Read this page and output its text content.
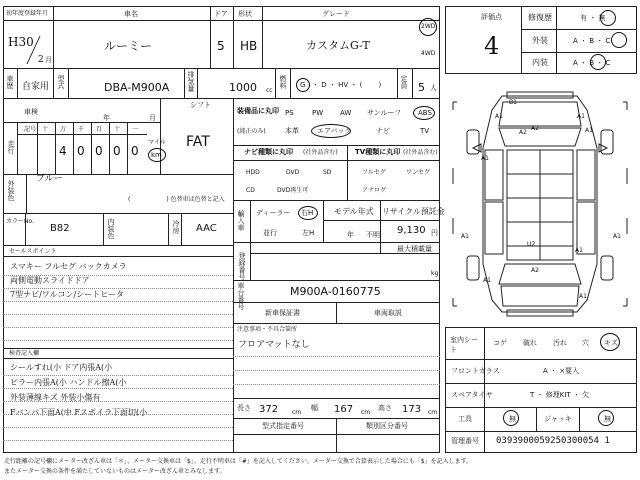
初年度登録年月
H30
2 月
車名
ルーミー
ドア
5
形状
HB
グレード
カスタムG-T
2WD
4WD
車歴 自家用 型式	DBA-M900A	排気量	1000 cc
燃料 G ・ D ・ HV ・ (　　 )	定員 5 人
車検
年	月
シフト
FAT
走行
記号 十 万 千 百 十 一
4 0 0 0 0
マイル
km
外装色
ブルー
(　　　　　　) 色替車は色替と記入
カラーNo.
B82	内装色	冷房 AAC
セールスポイント
スマキー フルセグ バックカメラ
両側電動スライドドア
7型ナビ/ワルコン/シートヒータ
検査記入欄
シールすれ(小 ドア内張A(小
ピラー内張A(小 ハンドル擦A(小
外装薄線キズ 外装小傷有
Fバンパ下面A(中 Fスポイラ下面切(小
装備品に丸印
(純正のみ)
PS	PW AW サンルーフ ABS
本革	エアバック	ナビ	TV
ナビ種類に丸印 (社外品含む) TV種類に丸印 (社外品含む)
HDD	DVD	SD
CD	DVD再生可
フルセグ	ワンセグ
アナログ
輸入車 ディーラー 右H
並行	左H
モデル年式
年 不明
リサイクル預託金
9,130 円
最大積載量
登録番号	kg
車台番号	M900A-0160775
新車保証書	車両取説
注意事項・不具合箇所
フロアマットなし
長さ 372 cm
幅 167 cm
高さ 173 cm
型式指定番号	類別区分番号
評価点
4
修復歴	有 ・ 無
外装	A ・ B ・ C
内装	A ・ B ・ C
B1
A2
A1	A1
A1
A2	A1
A1	A1
U2
A1
A1
A2
A1
室内シート
コゲ 破れ 汚れ 穴 キズ
フロントガラス	A ・ ×要入
スペアタイヤ	T ・ 修理KIT ・ 欠
工具	無	ジャッキ	無
管理番号 0393900059250300054 1
走行距離の記号欄にメーター改ざん車は「＊」、メーター交換車は「$」、走行不明車は「#」を記入してください。メーター交換で合算表示した場合にも「$」を記入します。
またメーター交換の条件を満たしていないものはメーター改ざん車とみなします。
